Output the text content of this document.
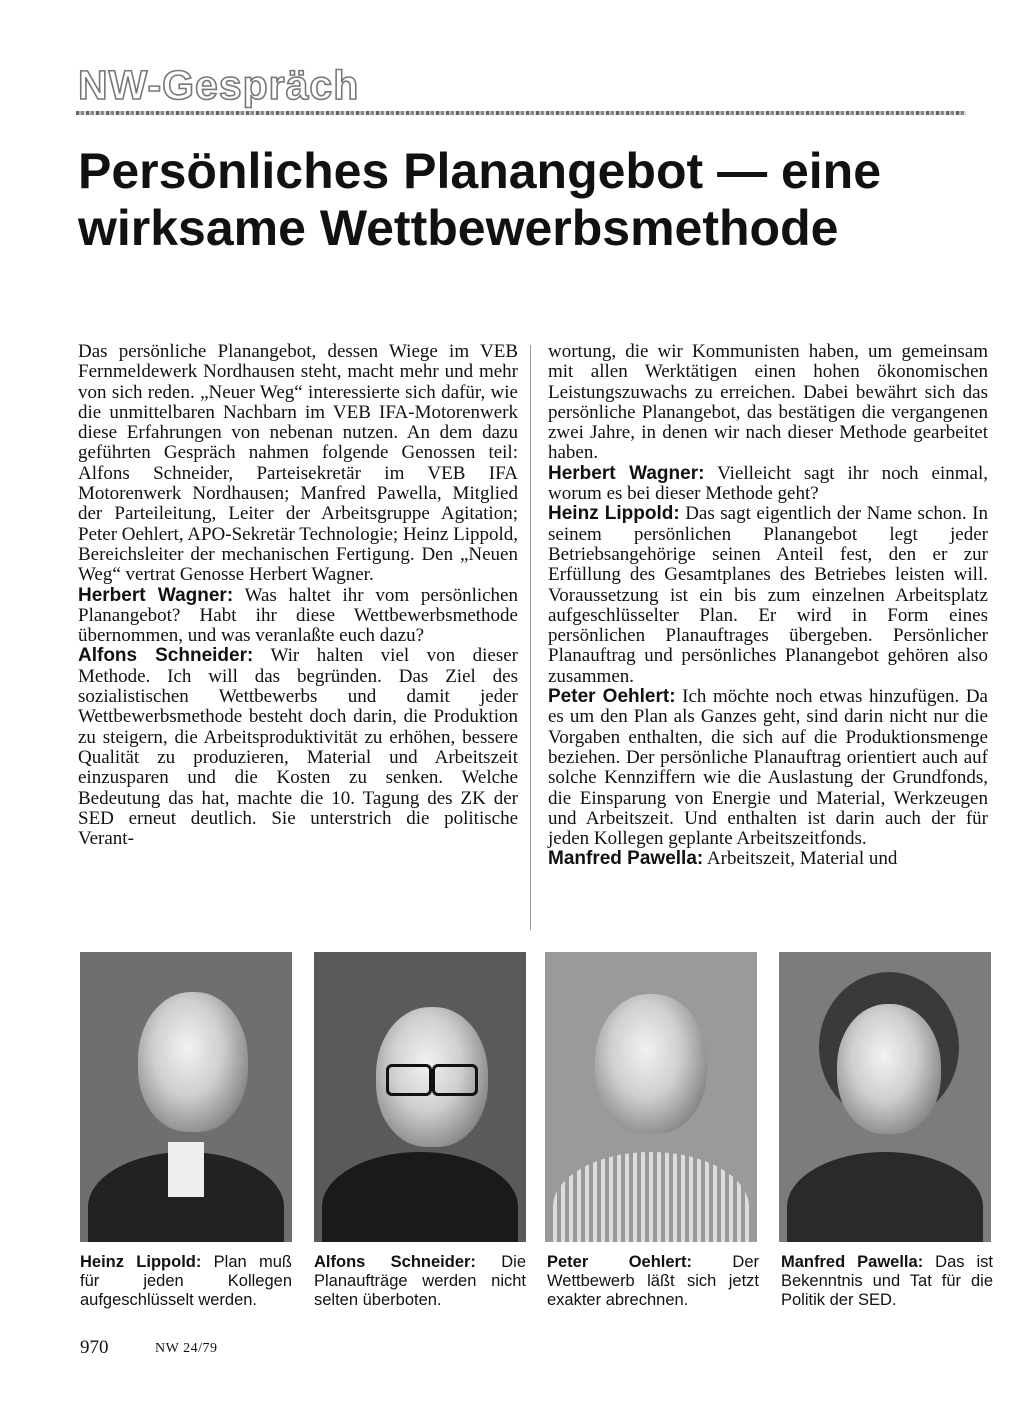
NW-Gespräch
Persönliches Planangebot — eine wirksame Wettbewerbsmethode

Das persönliche Planangebot, dessen Wiege im VEB Fernmeldewerk Nordhausen steht, macht mehr und mehr von sich reden. „Neuer Weg“ interessierte sich dafür, wie die unmittelbaren Nachbarn im VEB IFA-Motorenwerk diese Erfahrungen von nebenan nutzen. An dem dazu geführten Gespräch nahmen folgende Genossen teil: Alfons Schneider, Parteisekretär im VEB IFA Motorenwerk Nordhausen; Manfred Pawella, Mitglied der Parteileitung, Leiter der Arbeitsgruppe Agitation; Peter Oehlert, APO-Sekretär Technologie; Heinz Lippold, Bereichsleiter der mechanischen Fertigung. Den „Neuen Weg“ vertrat Genosse Herbert Wagner.

Herbert Wagner: Was haltet ihr vom persönlichen Planangebot? Habt ihr diese Wettbewerbsmethode übernommen, und was veranlaßte euch dazu?

Alfons Schneider: Wir halten viel von dieser Methode. Ich will das begründen. Das Ziel des sozialistischen Wettbewerbs und damit jeder Wettbewerbsmethode besteht doch darin, die Produktion zu steigern, die Arbeitsproduktivität zu erhöhen, bessere Qualität zu produzieren, Material und Arbeitszeit einzusparen und die Kosten zu senken. Welche Bedeutung das hat, machte die 10. Tagung des ZK der SED erneut deutlich. Sie unterstrich die politische Verant-

wortung, die wir Kommunisten haben, um gemeinsam mit allen Werktätigen einen hohen ökonomischen Leistungszuwachs zu erreichen. Dabei bewährt sich das persönliche Planangebot, das bestätigen die vergangenen zwei Jahre, in denen wir nach dieser Methode gearbeitet haben.

Herbert Wagner: Vielleicht sagt ihr noch einmal, worum es bei dieser Methode geht?

Heinz Lippold: Das sagt eigentlich der Name schon. In seinem persönlichen Planangebot legt jeder Betriebsangehörige seinen Anteil fest, den er zur Erfüllung des Gesamtplanes des Betriebes leisten will. Voraussetzung ist ein bis zum einzelnen Arbeitsplatz aufgeschlüsselter Plan. Er wird in Form eines persönlichen Planauftrages übergeben. Persönlicher Planauftrag und persönliches Planangebot gehören also zusammen.

Peter Oehlert: Ich möchte noch etwas hinzufügen. Da es um den Plan als Ganzes geht, sind darin nicht nur die Vorgaben enthalten, die sich auf die Produktionsmenge beziehen. Der persönliche Planauftrag orientiert auch auf solche Kennziffern wie die Auslastung der Grundfonds, die Einsparung von Energie und Material, Werkzeugen und Arbeitszeit. Und enthalten ist darin auch der für jeden Kollegen geplante Arbeitszeitfonds.

Manfred Pawella: Arbeitszeit, Material und

Heinz Lippold: Plan muß für jeden Kollegen aufgeschlüsselt werden.

Alfons Schneider: Die Planaufträge werden nicht selten überboten.

Peter Oehlert: Der Wettbewerb läßt sich jetzt exakter abrechnen.

Manfred Pawella: Das ist Bekenntnis und Tat für die Politik der SED.

970	NW 24/79
